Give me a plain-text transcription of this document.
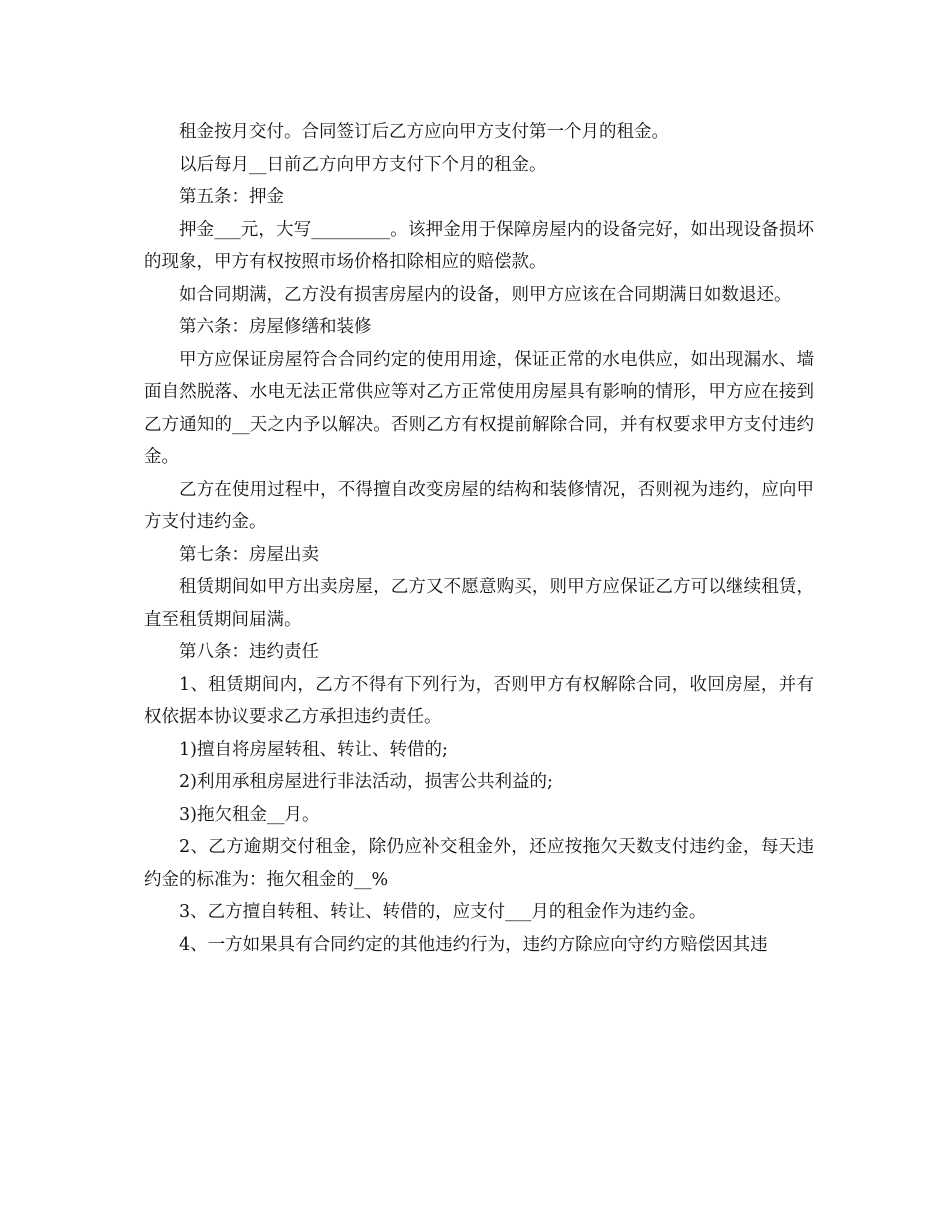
租金按月交付。合同签订后乙方应向甲方支付第一个月的租金。

以后每月__日前乙方向甲方支付下个月的租金。

第五条：押金

押金___元，大写_________。该押金用于保障房屋内的设备完好，如出现设备损坏的现象，甲方有权按照市场价格扣除相应的赔偿款。

如合同期满，乙方没有损害房屋内的设备，则甲方应该在合同期满日如数退还。

第六条：房屋修缮和装修

甲方应保证房屋符合合同约定的使用用途，保证正常的水电供应，如出现漏水、墙面自然脱落、水电无法正常供应等对乙方正常使用房屋具有影响的情形，甲方应在接到乙方通知的__天之内予以解决。否则乙方有权提前解除合同，并有权要求甲方支付违约金。

乙方在使用过程中，不得擅自改变房屋的结构和装修情况，否则视为违约，应向甲方支付违约金。

第七条：房屋出卖

租赁期间如甲方出卖房屋，乙方又不愿意购买，则甲方应保证乙方可以继续租赁，直至租赁期间届满。

第八条：违约责任

1、租赁期间内，乙方不得有下列行为，否则甲方有权解除合同，收回房屋，并有权依据本协议要求乙方承担违约责任。

1)擅自将房屋转租、转让、转借的;

2)利用承租房屋进行非法活动，损害公共利益的;

3)拖欠租金__月。

2、乙方逾期交付租金，除仍应补交租金外，还应按拖欠天数支付违约金，每天违约金的标准为：拖欠租金的__%

3、乙方擅自转租、转让、转借的，应支付___月的租金作为违约金。

4、一方如果具有合同约定的其他违约行为，违约方除应向守约方赔偿因其违
